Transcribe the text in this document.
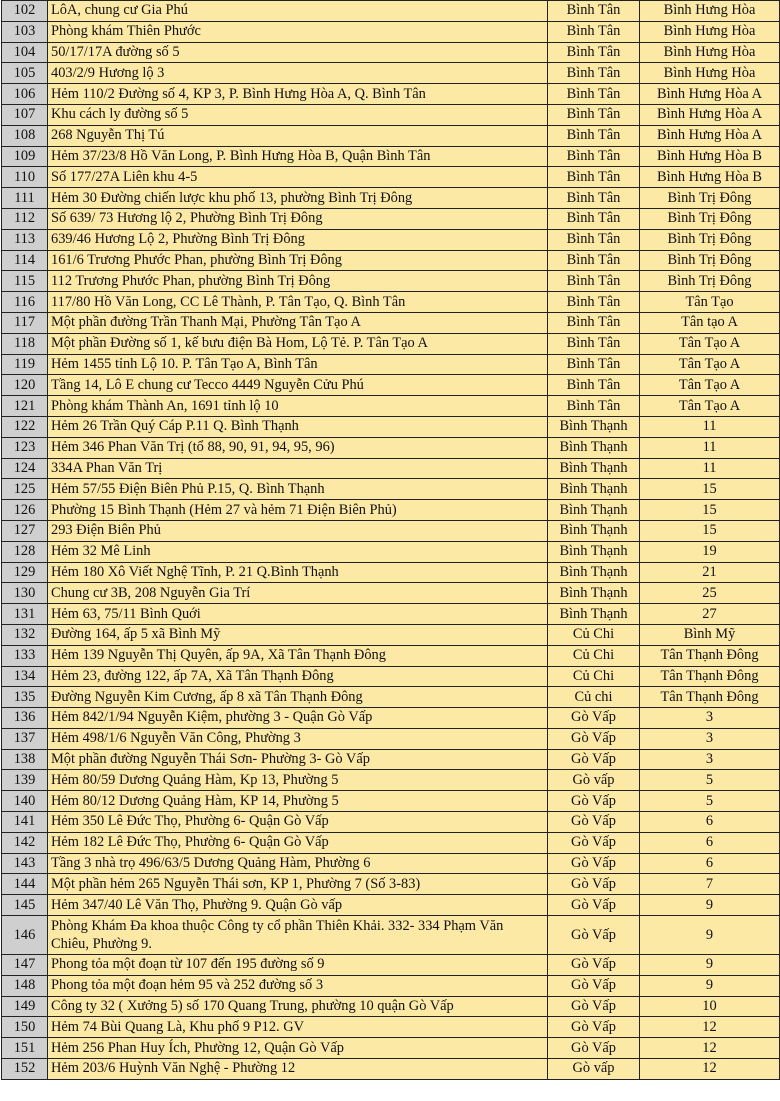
102	LôA, chung cư Gia Phú	Bình Tân	Bình Hưng Hòa
103	Phòng khám Thiên Phước	Bình Tân	Bình Hưng Hòa
104	50/17/17A đường số 5	Bình Tân	Bình Hưng Hòa
105	403/2/9 Hương lộ 3	Bình Tân	Bình Hưng Hòa
106	Hẻm 110/2 Đường số 4, KP 3, P. Bình Hưng Hòa A, Q. Bình Tân	Bình Tân	Bình Hưng Hòa A
107	Khu cách ly đường số 5	Bình Tân	Bình Hưng Hòa A
108	268 Nguyễn Thị Tú	Bình Tân	Bình Hưng Hòa A
109	Hẻm 37/23/8 Hồ Văn Long, P. Bình Hưng Hòa B, Quận Bình Tân	Bình Tân	Bình Hưng Hòa B
110	Số 177/27A Liên khu 4-5	Bình Tân	Bình Hưng Hòa B
111	Hẻm 30 Đường chiến lược khu phố 13, phường Bình Trị Đông	Bình Tân	Bình Trị Đông
112	Số 639/ 73 Hương lộ 2, Phường Bình Trị Đông	Bình Tân	Bình Trị Đông
113	639/46 Hương Lộ 2, Phường Bình Trị Đông	Bình Tân	Bình Trị Đông
114	161/6 Trương Phước Phan, phường Bình Trị Đông	Bình Tân	Bình Trị Đông
115	112 Trương Phước Phan, phường Bình Trị Đông	Bình Tân	Bình Trị Đông
116	117/80 Hồ Văn Long, CC Lê Thành, P. Tân Tạo, Q. Bình Tân	Bình Tân	Tân Tạo
117	Một phần đường Trần Thanh Mại, Phường Tân Tạo A	Bình Tân	Tân tạo A
118	Một phần Đường số 1, kế bưu điện Bà Hom, Lộ Tẻ. P. Tân Tạo A	Bình Tân	Tân Tạo A
119	Hẻm 1455 tỉnh Lộ 10. P. Tân Tạo A, Bình Tân	Bình Tân	Tân Tạo A
120	Tầng 14, Lô E chung cư Tecco 4449 Nguyễn Cửu Phú	Bình Tân	Tân Tạo A
121	Phòng khám Thành An, 1691 tỉnh lộ 10	Bình Tân	Tân Tạo A
122	Hẻm 26 Trần Quý Cáp P.11 Q. Bình Thạnh	Bình Thạnh	11
123	Hẻm 346 Phan Văn Trị (tổ 88, 90, 91, 94, 95, 96)	Bình Thạnh	11
124	334A Phan Văn Trị	Bình Thạnh	11
125	Hẻm 57/55 Điện Biên Phủ P.15, Q. Bình Thạnh	Bình Thạnh	15
126	Phường 15 Bình Thạnh (Hẻm 27 và hẻm 71 Điện Biên Phủ)	Bình Thạnh	15
127	293 Điện Biên Phủ	Bình Thạnh	15
128	Hẻm 32 Mê Linh	Bình Thạnh	19
129	Hẻm 180 Xô Viết Nghệ Tĩnh, P. 21 Q.Bình Thạnh	Bình Thạnh	21
130	Chung cư 3B, 208 Nguyễn Gia Trí	Bình Thạnh	25
131	Hẻm 63, 75/11 Bình Quới	Bình Thạnh	27
132	Đường 164, ấp 5 xã Bình Mỹ	Củ Chi	Bình Mỹ
133	Hẻm 139 Nguyễn Thị Quyên, ấp 9A, Xã Tân Thạnh Đông	Củ Chi	Tân Thạnh Đông
134	Hẻm 23, đường 122, ấp 7A, Xã Tân Thạnh Đông	Củ Chi	Tân Thạnh Đông
135	Đường Nguyễn Kim Cương, ấp 8 xã Tân Thạnh Đông	Củ chi	Tân Thạnh Đông
136	Hẻm 842/1/94 Nguyễn Kiệm, phường 3 - Quận Gò Vấp	Gò Vấp	3
137	Hẻm 498/1/6 Nguyễn Văn Công, Phường 3	Gò Vấp	3
138	Một phần đường Nguyễn Thái Sơn- Phường 3- Gò Vấp	Gò Vấp	3
139	Hẻm 80/59 Dương Quảng Hàm, Kp 13, Phường 5	Gò vấp	5
140	Hẻm 80/12 Dương Quảng Hàm, KP 14, Phường 5	Gò Vấp	5
141	Hẻm 350 Lê Đức Thọ, Phường 6- Quận Gò Vấp	Gò Vấp	6
142	Hẻm 182 Lê Đức Thọ, Phường 6- Quận Gò Vấp	Gò Vấp	6
143	Tầng 3 nhà trọ 496/63/5 Dương Quảng Hàm, Phường 6	Gò Vấp	6
144	Một phần hẻm 265 Nguyễn Thái sơn, KP 1, Phường 7 (Số 3-83)	Gò Vấp	7
145	Hẻm 347/40 Lê Văn Thọ, Phường 9. Quận Gò vấp	Gò Vấp	9
146	Phòng Khám Đa khoa thuộc Công ty cổ phần Thiên Khải. 332- 334 Phạm Văn Chiêu, Phường 9.	Gò Vấp	9
147	Phong tỏa một đoạn từ 107 đến 195 đường số 9	Gò Vấp	9
148	Phong tỏa một đoạn hẻm 95 và 252 đường số 3	Gò Vấp	9
149	Công ty 32 ( Xưởng 5) số 170 Quang Trung, phường 10 quận Gò Vấp	Gò Vấp	10
150	Hẻm 74 Bùi Quang Là, Khu phố 9 P12. GV	Gò Vấp	12
151	Hẻm 256 Phan Huy Ích, Phường 12, Quận Gò Vấp	Gò Vấp	12
152	Hẻm 203/6 Huỳnh Văn Nghệ - Phường 12	Gò vấp	12
